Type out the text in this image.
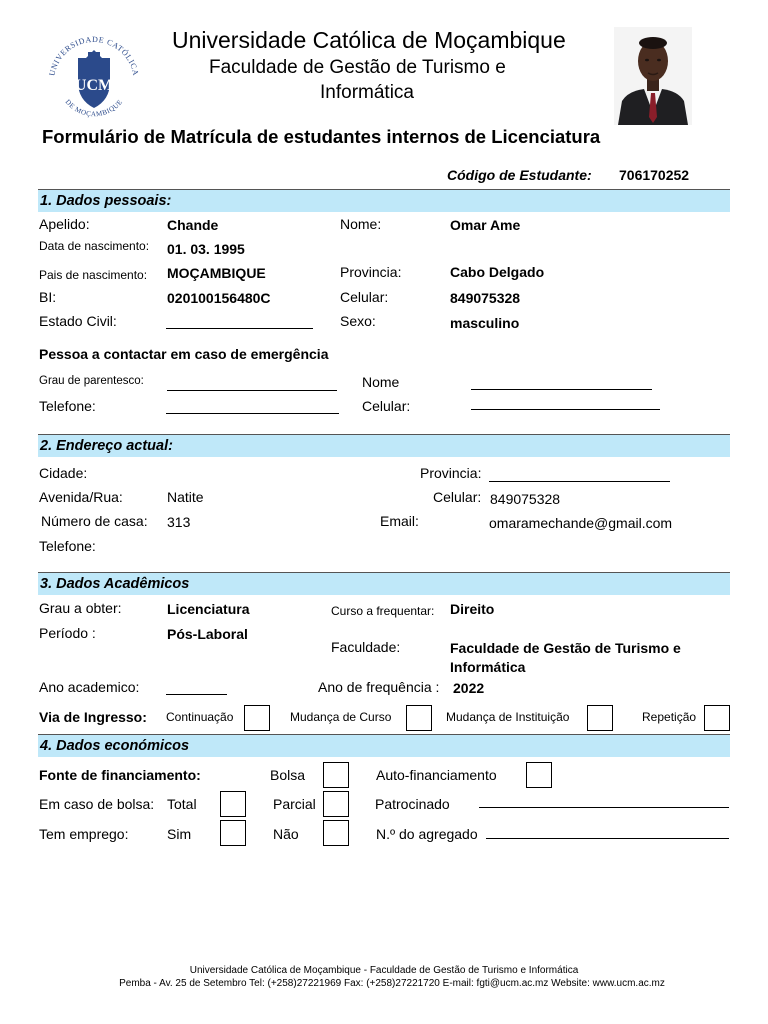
UNIVERSIDADE CATÓLICA
DE MOÇAMBIQUE
UCM
Universidade Católica de Moçambique
Faculdade de Gestão de Turismo e
Informática
Formulário de Matrícula de estudantes internos de Licenciatura
Código de Estudante: 706170252
1. Dados pessoais:
Apelido:	Chande	Nome:	Omar Ame
Data de nascimento: 01. 03. 1995
Pais de nascimento: MOÇAMBIQUE	Provincia:	Cabo Delgado
BI:	020100156480C	Celular:	849075328
Estado Civil:	Sexo:	masculino
Pessoa a contactar em caso de emergência
Grau de parentesco:	Nome
Telefone:	Celular:
2. Endereço actual:
Cidade:	Provincia:
Avenida/Rua:	Natite	Celular: 849075328
Número de casa: 313	Email:	omaramechande@gmail.com
Telefone:
3. Dados Acadêmicos
Grau a obter:	Licenciatura	Curso a frequentar: Direito
Período :	Pós-Laboral
Faculdade:	Faculdade de Gestão de Turismo e
Informática
Ano academico:	Ano de frequência : 2022
Via de Ingresso: Continuação	Mudança de Curso	Mudança de Instituição	Repetição
4. Dados económicos
Fonte de financiamento:	Bolsa	Auto-financiamento
Em caso de bolsa: Total	Parcial	Patrocinado
Tem emprego:	Sim	Não	N.º do agregado
Universidade Católica de Moçambique - Faculdade de Gestão de Turismo e Informática
Pemba - Av. 25 de Setembro Tel: (+258)27221969 Fax: (+258)27221720 E-mail: fgti@ucm.ac.mz Website: www.ucm.ac.mz
